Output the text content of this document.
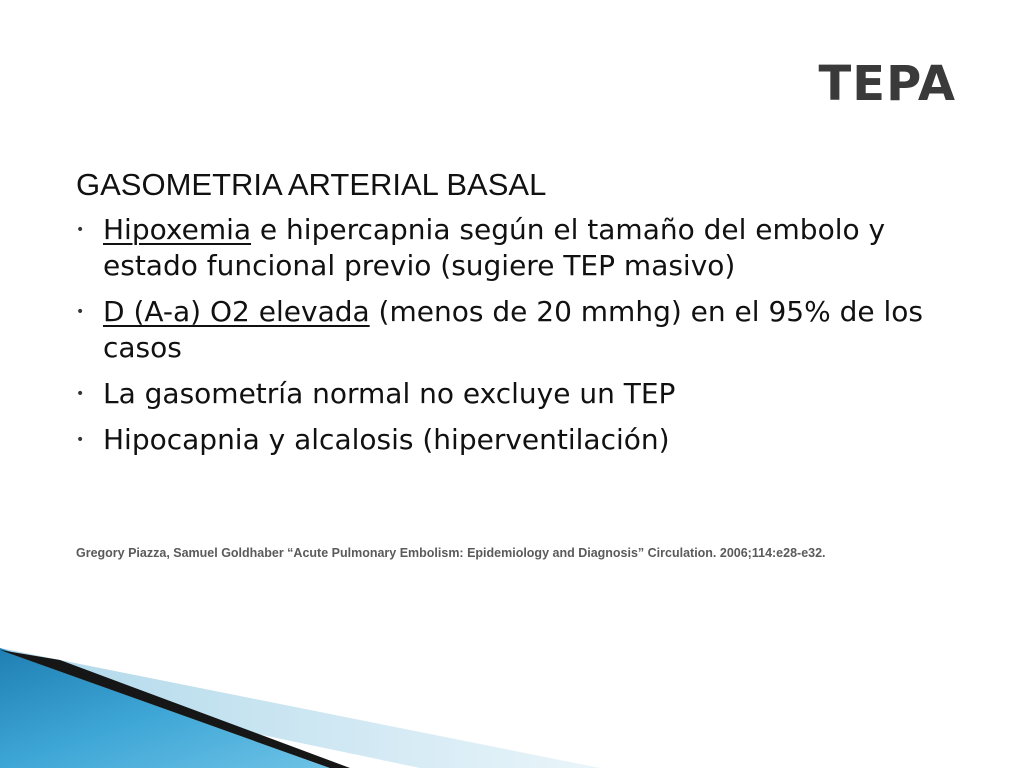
TEPA

GASOMETRIA ARTERIAL BASAL

• Hipoxemia e hipercapnia según el tamaño del embolo y estado funcional previo (sugiere TEP masivo)
• D (A-a) O2 elevada (menos de 20 mmhg) en el 95% de los casos
• La gasometría normal no excluye un TEP
• Hipocapnia y alcalosis (hiperventilación)

Gregory Piazza, Samuel Goldhaber “Acute Pulmonary Embolism: Epidemiology and Diagnosis” Circulation. 2006;114:e28-e32.
